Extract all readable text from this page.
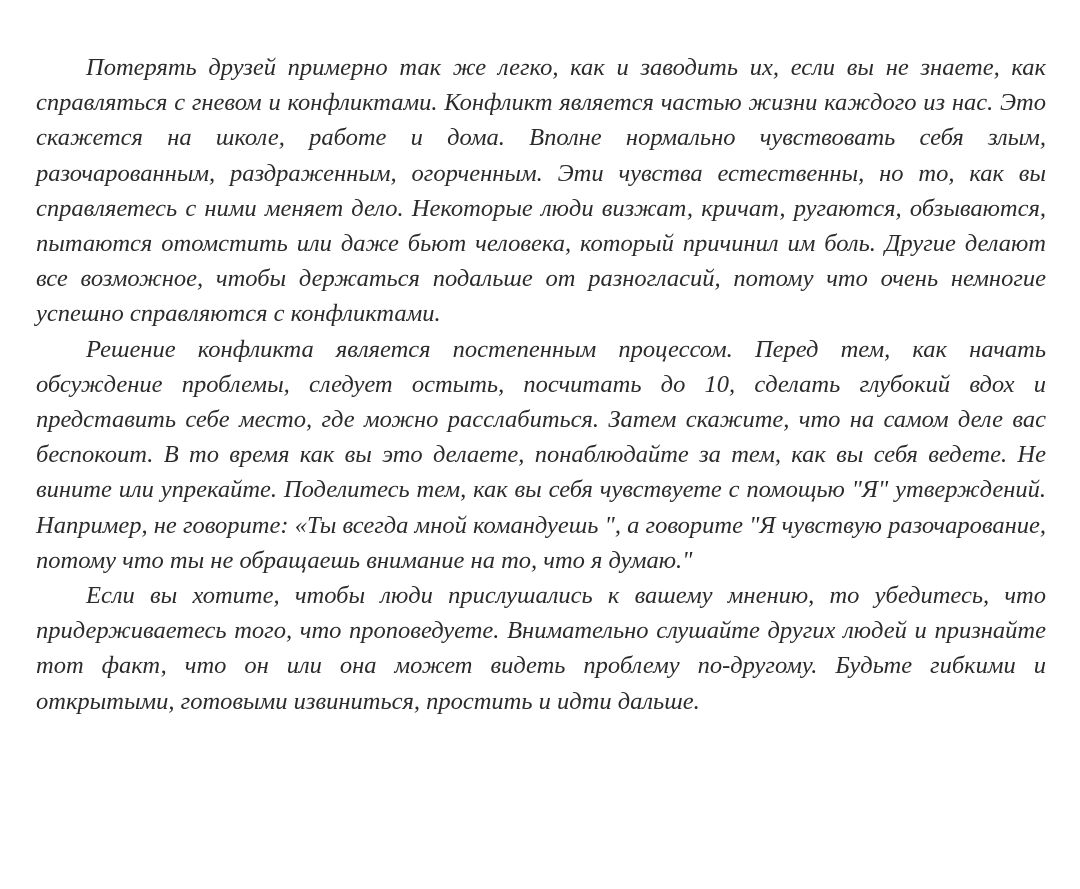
Потерять друзей примерно так же легко, как и заводить их, если вы не знаете, как справляться с гневом и конфликтами. Конфликт является частью жизни каждого из нас. Это скажется на школе, работе и дома. Вполне нормально чувствовать себя злым, разочарованным, раздраженным, огорченным. Эти чувства естественны, но то, как вы справляетесь с ними меняет дело. Некоторые люди визжат, кричат, ругаются, обзываются, пытаются отомстить или даже бьют человека, который причинил им боль. Другие делают все возможное, чтобы держаться подальше от разногласий, потому что очень немногие успешно справляются с конфликтами.

Решение конфликта является постепенным процессом. Перед тем, как начать обсуждение проблемы, следует остыть, посчитать до 10, сделать глубокий вдох и представить себе место, где можно расслабиться. Затем скажите, что на самом деле вас беспокоит. В то время как вы это делаете, понаблюдайте за тем, как вы себя ведете. Не вините или упрекайте. Поделитесь тем, как вы себя чувствуете с помощью "Я" утверждений. Например, не говорите: «Ты всегда мной командуешь ", а говорите "Я чувствую разочарование, потому что ты не обращаешь внимание на то, что я думаю."

Если вы хотите, чтобы люди прислушались к вашему мнению, то убедитесь, что придерживаетесь того, что проповедуете. Внимательно слушайте других людей и признайте тот факт, что он или она может видеть проблему по-другому. Будьте гибкими и открытыми, готовыми извиниться, простить и идти дальше.
